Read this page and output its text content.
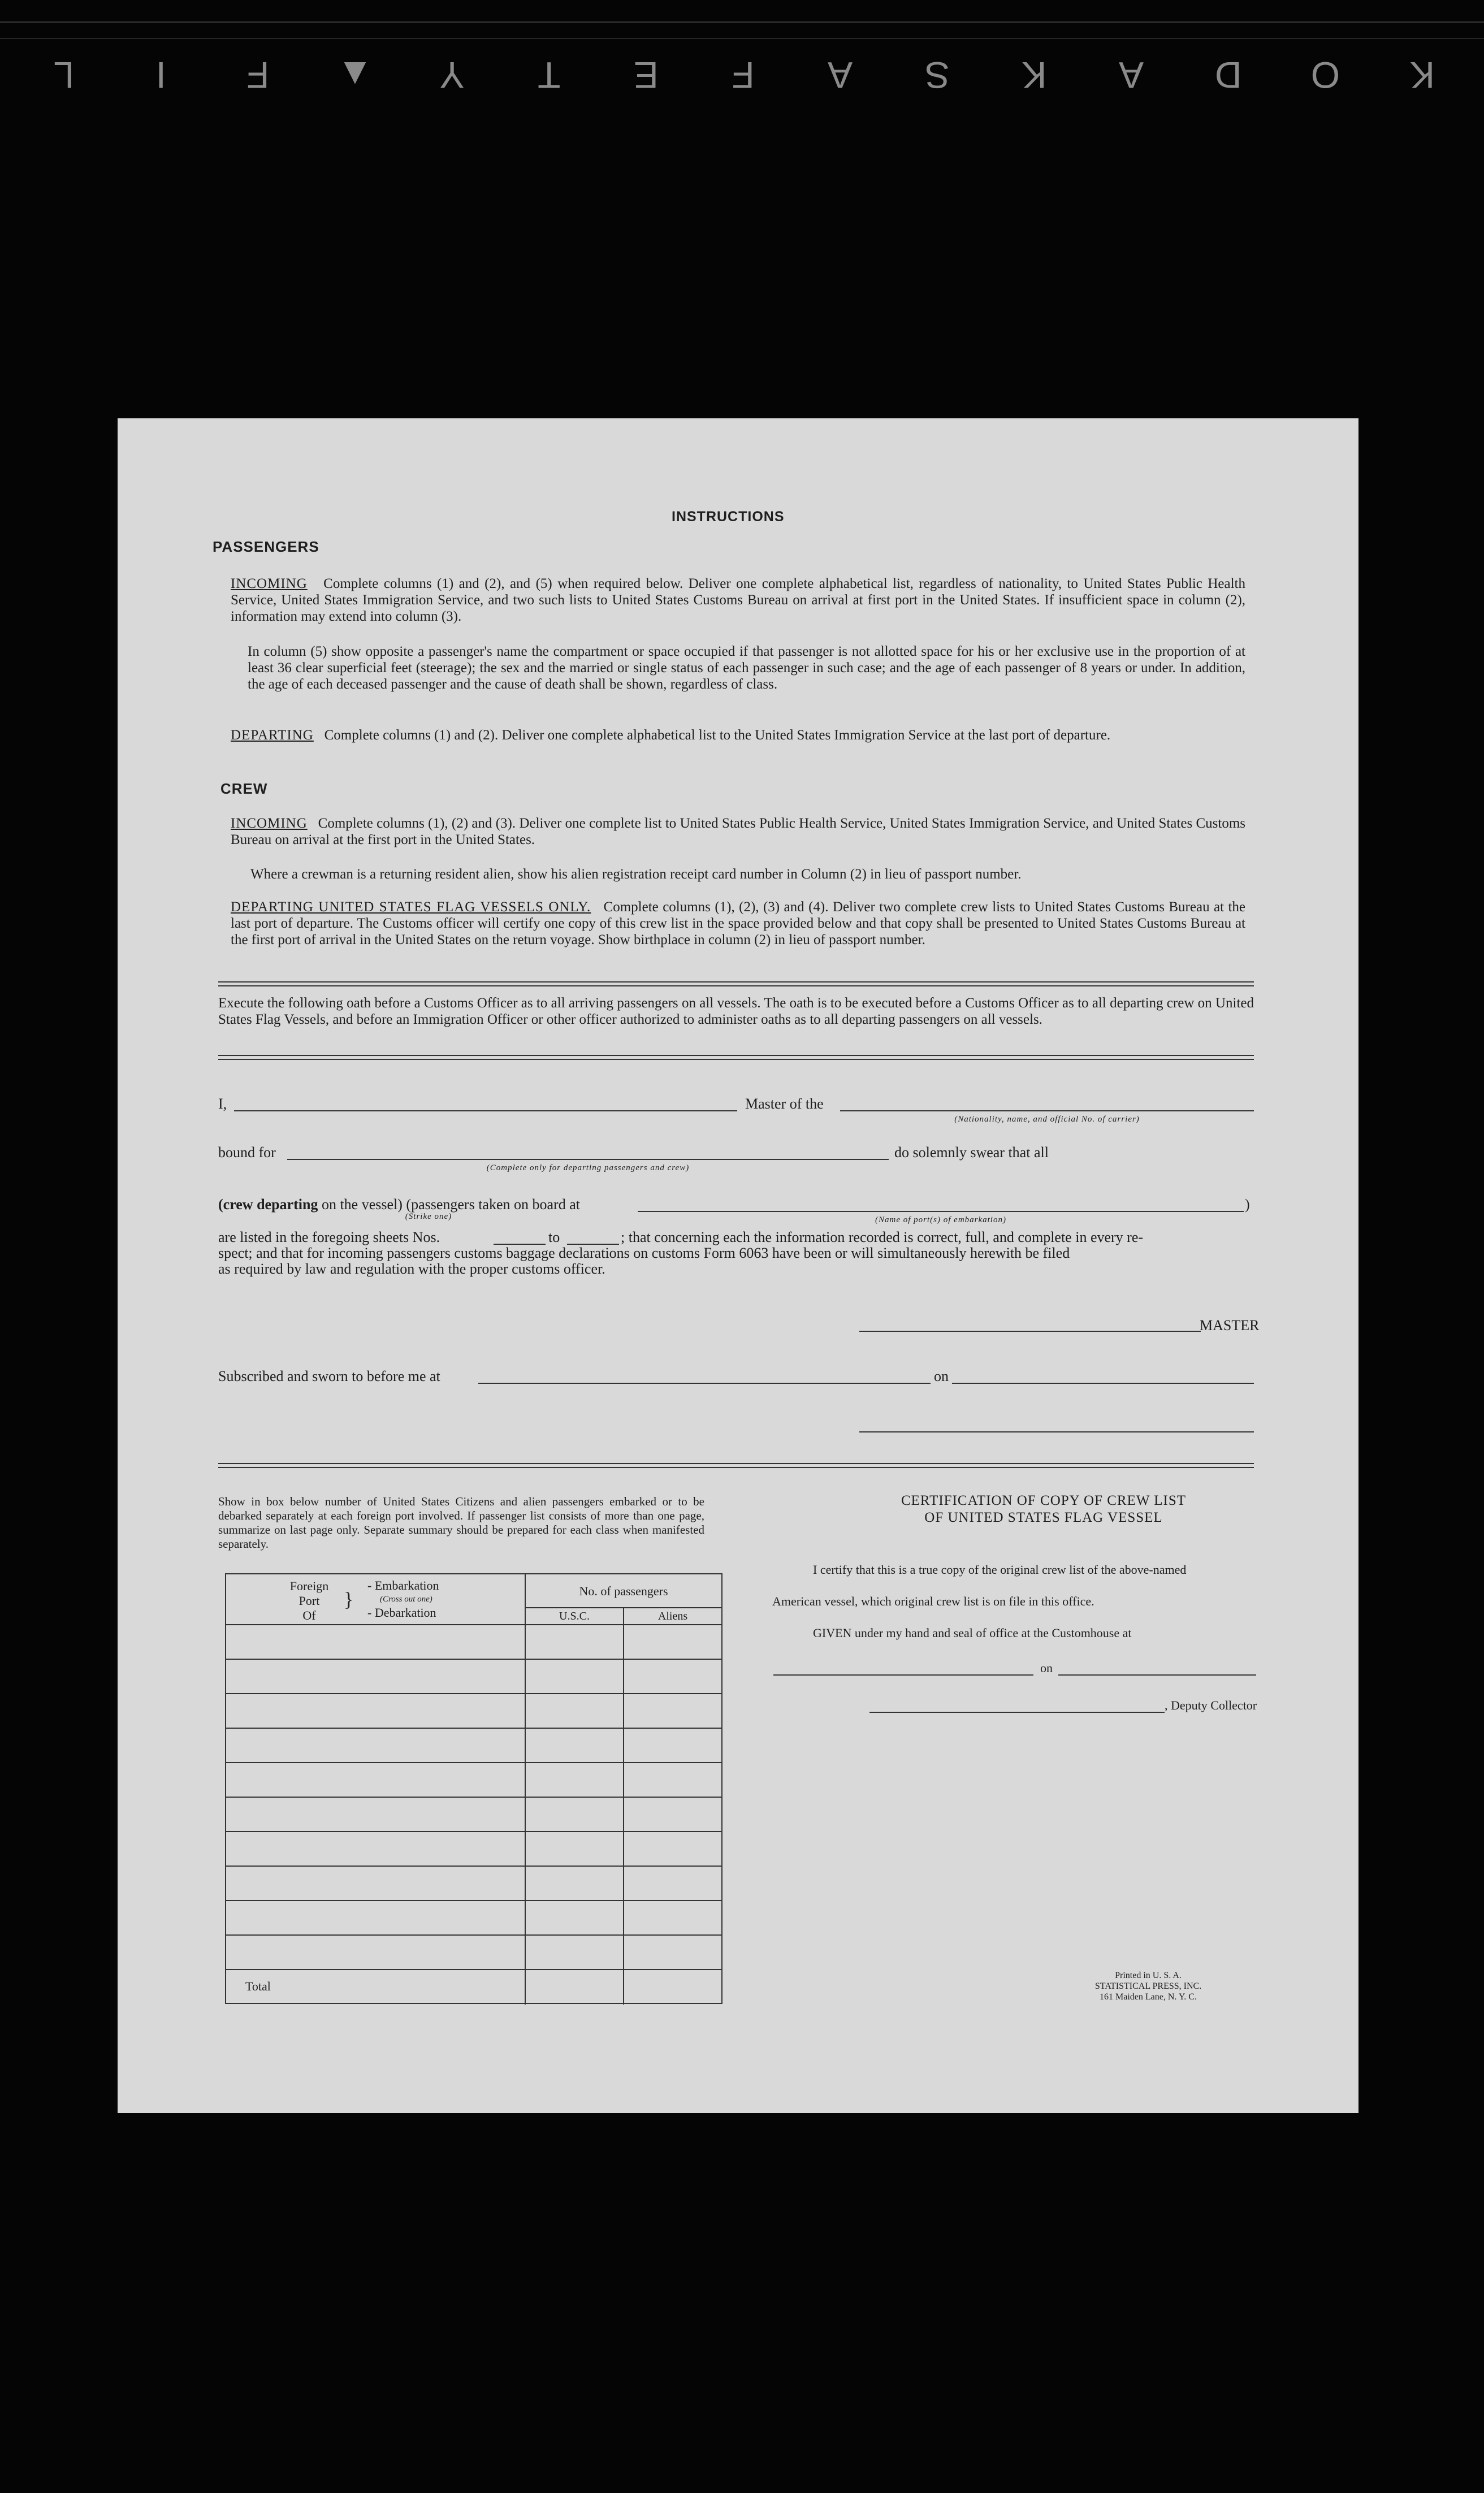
K
O
D
A
K
S
A
F
E
T
Y
▲
F
I
L
INSTRUCTIONS
PASSENGERS
INCOMING Complete columns (1) and (2), and (5) when required below. Deliver one complete alphabetical list, regardless of nationality, to United States Public Health Service, United States Immigration Service, and two such lists to United States Customs Bureau on arrival at first port in the United States. If insufficient space in column (2), information may extend into column (3).
In column (5) show opposite a passenger's name the compartment or space occupied if that passenger is not allotted space for his or her exclusive use in the proportion of at least 36 clear superficial feet (steerage); the sex and the married or single status of each passenger in such case; and the age of each passenger of 8 years or under. In addition, the age of each deceased passenger and the cause of death shall be shown, regardless of class.
DEPARTING Complete columns (1) and (2). Deliver one complete alphabetical list to the United States Immigration Service at the last port of departure.
CREW
INCOMING Complete columns (1), (2) and (3). Deliver one complete list to United States Public Health Service, United States Immigration Service, and United States Customs Bureau on arrival at the first port in the United States.
Where a crewman is a returning resident alien, show his alien registration receipt card number in Column (2) in lieu of passport number.
DEPARTING UNITED STATES FLAG VESSELS ONLY. Complete columns (1), (2), (3) and (4). Deliver two complete crew lists to United States Customs Bureau at the last port of departure. The Customs officer will certify one copy of this crew list in the space provided below and that copy shall be presented to United States Customs Bureau at the first port of arrival in the United States on the return voyage. Show birthplace in column (2) in lieu of passport number.
Execute the following oath before a Customs Officer as to all arriving passengers on all vessels. The oath is to be executed before a Customs Officer as to all departing crew on United States Flag Vessels, and before an Immigration Officer or other officer authorized to administer oaths as to all departing passengers on all vessels.
I,	Master of the
(Nationality, name, and official No. of carrier)
bound for
(Complete only for departing passengers and crew)
do solemnly swear that all
(crew departing on the vessel) (passengers taken on board at
(Strike one)
)
(Name of port(s) of embarkation)
are listed in the foregoing sheets Nos.	to	; that concerning each the information recorded is correct, full, and complete in every re-
spect; and that for incoming passengers customs baggage declarations on customs Form 6063 have been or will simultaneously herewith be filed
as required by law and regulation with the proper customs officer.
MASTER
Subscribed and sworn to before me at	on
Show in box below number of United States Citizens and alien passengers embarked or to be debarked separately at each foreign port involved. If passenger list consists of more than one page, summarize on last page only. Separate summary should be prepared for each class when manifested separately.
Foreign
Port
Of
}
- Embarkation
(Cross out one)
- Debarkation
No. of passengers
U.S.C.	Aliens
Total
CERTIFICATION OF COPY OF CREW LIST
OF UNITED STATES FLAG VESSEL
I certify that this is a true copy of the original crew list of the above-named
American vessel, which original crew list is on file in this office.
GIVEN under my hand and seal of office at the Customhouse at
on
, Deputy Collector
Printed in U. S. A.
STATISTICAL PRESS, INC.
161 Maiden Lane, N. Y. C.
